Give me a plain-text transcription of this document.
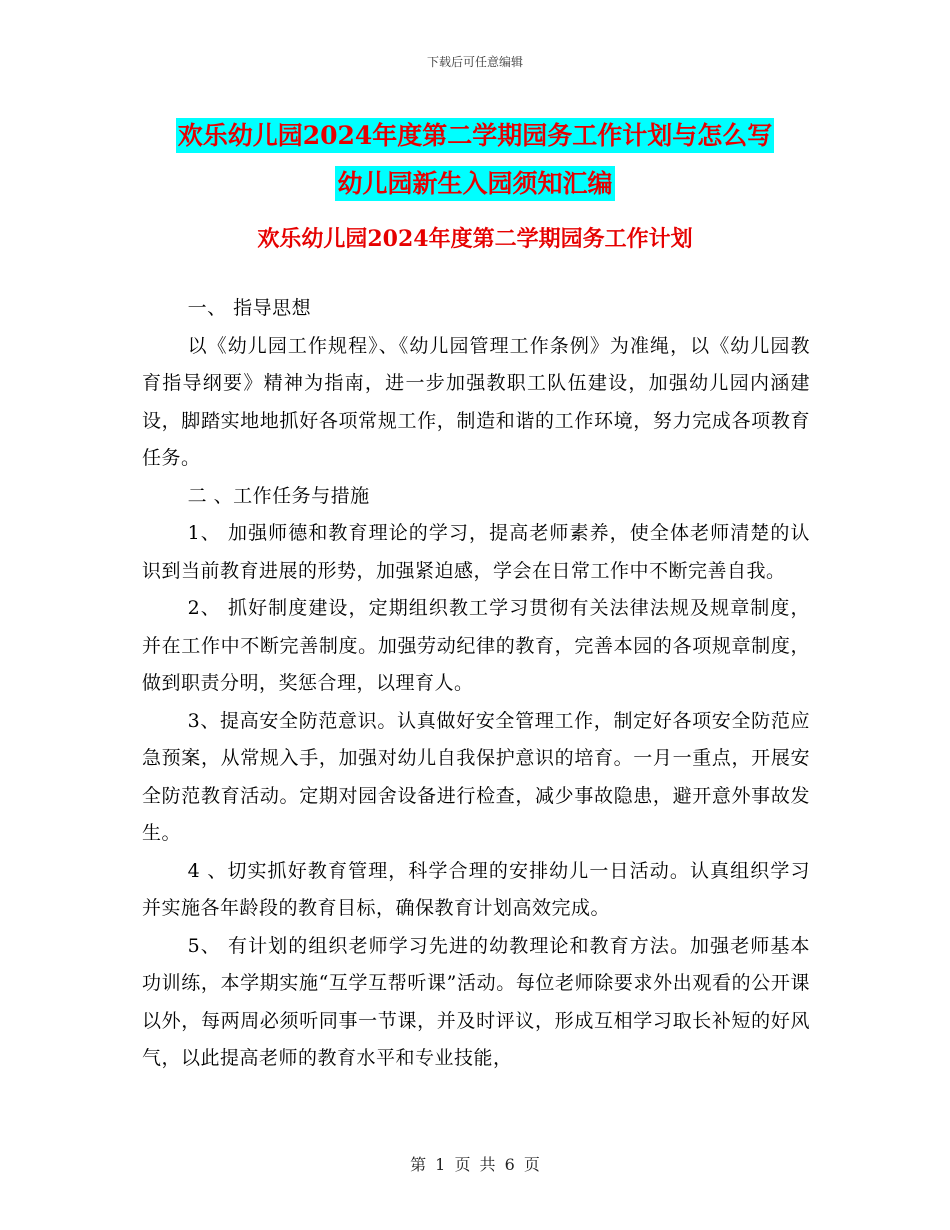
下载后可任意编辑
欢乐幼儿园2024年度第二学期园务工作计划与怎么写
幼儿园新生入园须知汇编
欢乐幼儿园2024年度第二学期园务工作计划

一、 指导思想

以《幼儿园工作规程》、《幼儿园管理工作条例》为准绳，以《幼儿园教育指导纲要》精神为指南，进一步加强教职工队伍建设，加强幼儿园内涵建设，脚踏实地地抓好各项常规工作，制造和谐的工作环境，努力完成各项教育任务。

二 、工作任务与措施

1、 加强师德和教育理论的学习，提高老师素养，使全体老师清楚的认识到当前教育进展的形势，加强紧迫感，学会在日常工作中不断完善自我。

2、 抓好制度建设，定期组织教工学习贯彻有关法律法规及规章制度，并在工作中不断完善制度。加强劳动纪律的教育，完善本园的各项规章制度，做到职责分明，奖惩合理，以理育人。

3、提高安全防范意识。认真做好安全管理工作，制定好各项安全防范应急预案，从常规入手，加强对幼儿自我保护意识的培育。一月一重点，开展安全防范教育活动。定期对园舍设备进行检查，减少事故隐患，避开意外事故发生。

4 、切实抓好教育管理，科学合理的安排幼儿一日活动。认真组织学习并实施各年龄段的教育目标，确保教育计划高效完成。

5、 有计划的组织老师学习先进的幼教理论和教育方法。加强老师基本功训练，本学期实施“互学互帮听课”活动。每位老师除要求外出观看的公开课以外，每两周必须听同事一节课，并及时评议，形成互相学习取长补短的好风气，以此提高老师的教育水平和专业技能，

第 1 页 共 6 页
